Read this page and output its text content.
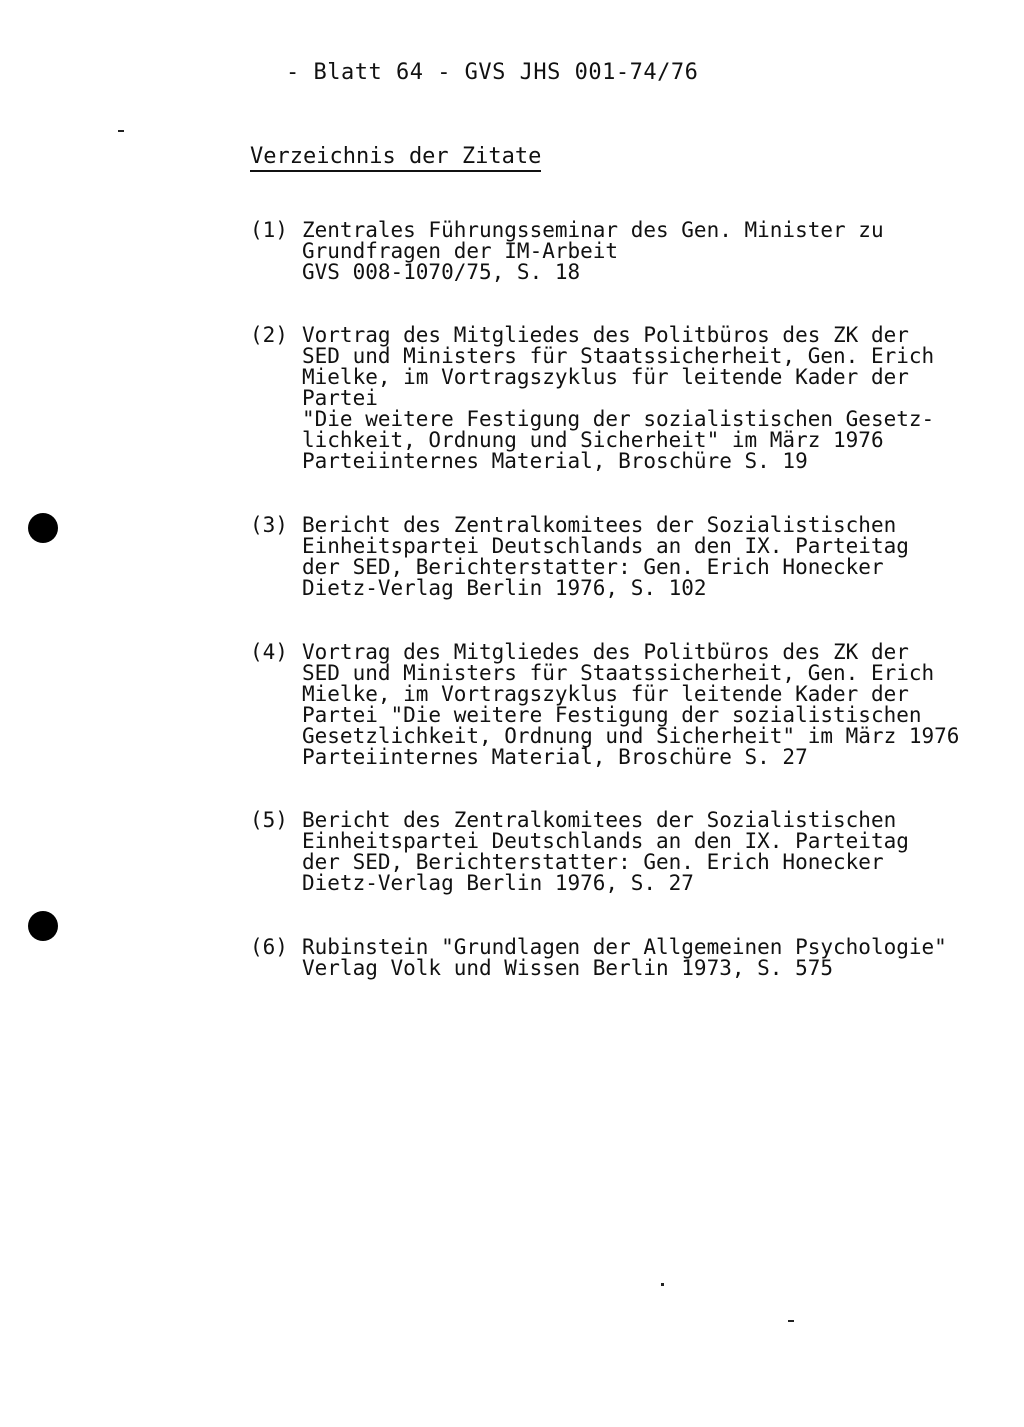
- Blatt 64 - GVS JHS 001-74/76
Verzeichnis der Zitate
(1) Zentrales Führungsseminar des Gen. Minister zu
Grundfragen der IM-Arbeit
GVS 008-1070/75, S. 18
(2) Vortrag des Mitgliedes des Politbüros des ZK der
SED und Ministers für Staatssicherheit, Gen. Erich
Mielke, im Vortragszyklus für leitende Kader der
Partei
"Die weitere Festigung der sozialistischen Gesetz-
lichkeit, Ordnung und Sicherheit" im März 1976
Parteiinternes Material, Broschüre S. 19
(3) Bericht des Zentralkomitees der Sozialistischen
Einheitspartei Deutschlands an den IX. Parteitag
der SED, Berichterstatter: Gen. Erich Honecker
Dietz-Verlag Berlin 1976, S. 102
(4) Vortrag des Mitgliedes des Politbüros des ZK der
SED und Ministers für Staatssicherheit, Gen. Erich
Mielke, im Vortragszyklus für leitende Kader der
Partei "Die weitere Festigung der sozialistischen
Gesetzlichkeit, Ordnung und Sicherheit" im März 1976
Parteiinternes Material, Broschüre S. 27
(5) Bericht des Zentralkomitees der Sozialistischen
Einheitspartei Deutschlands an den IX. Parteitag
der SED, Berichterstatter: Gen. Erich Honecker
Dietz-Verlag Berlin 1976, S. 27
(6) Rubinstein "Grundlagen der Allgemeinen Psychologie"
Verlag Volk und Wissen Berlin 1973, S. 575
